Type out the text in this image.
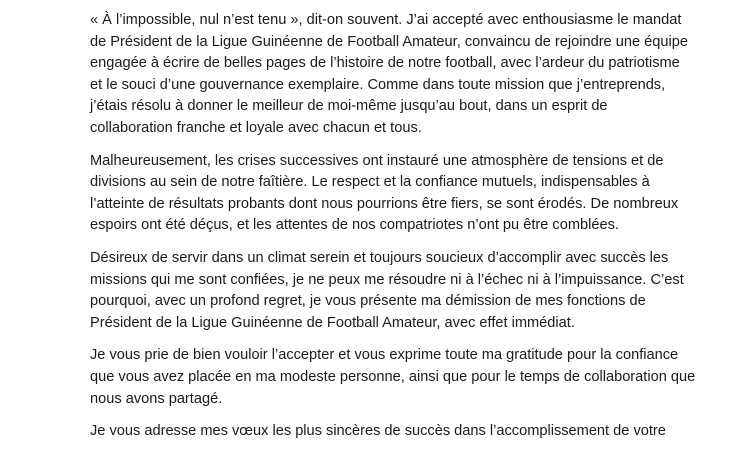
« À l’impossible, nul n’est tenu », dit-on souvent. J’ai accepté avec enthousiasme le mandat
de Président de la Ligue Guinéenne de Football Amateur, convaincu de rejoindre une équipe
engagée à écrire de belles pages de l’histoire de notre football, avec l’ardeur du patriotisme
et le souci d’une gouvernance exemplaire. Comme dans toute mission que j’entreprends,
j’étais résolu à donner le meilleur de moi-même jusqu’au bout, dans un esprit de
collaboration franche et loyale avec chacun et tous.

Malheureusement, les crises successives ont instauré une atmosphère de tensions et de
divisions au sein de notre faîtière. Le respect et la confiance mutuels, indispensables à
l’atteinte de résultats probants dont nous pourrions être fiers, se sont érodés. De nombreux
espoirs ont été déçus, et les attentes de nos compatriotes n’ont pu être comblées.

Désireux de servir dans un climat serein et toujours soucieux d’accomplir avec succès les
missions qui me sont confiées, je ne peux me résoudre ni à l’échec ni à l’impuissance. C’est
pourquoi, avec un profond regret, je vous présente ma démission de mes fonctions de
Président de la Ligue Guinéenne de Football Amateur, avec effet immédiat.

Je vous prie de bien vouloir l’accepter et vous exprime toute ma gratitude pour la confiance
que vous avez placée en ma modeste personne, ainsi que pour le temps de collaboration que
nous avons partagé.

Je vous adresse mes vœux les plus sincères de succès dans l’accomplissement de votre
